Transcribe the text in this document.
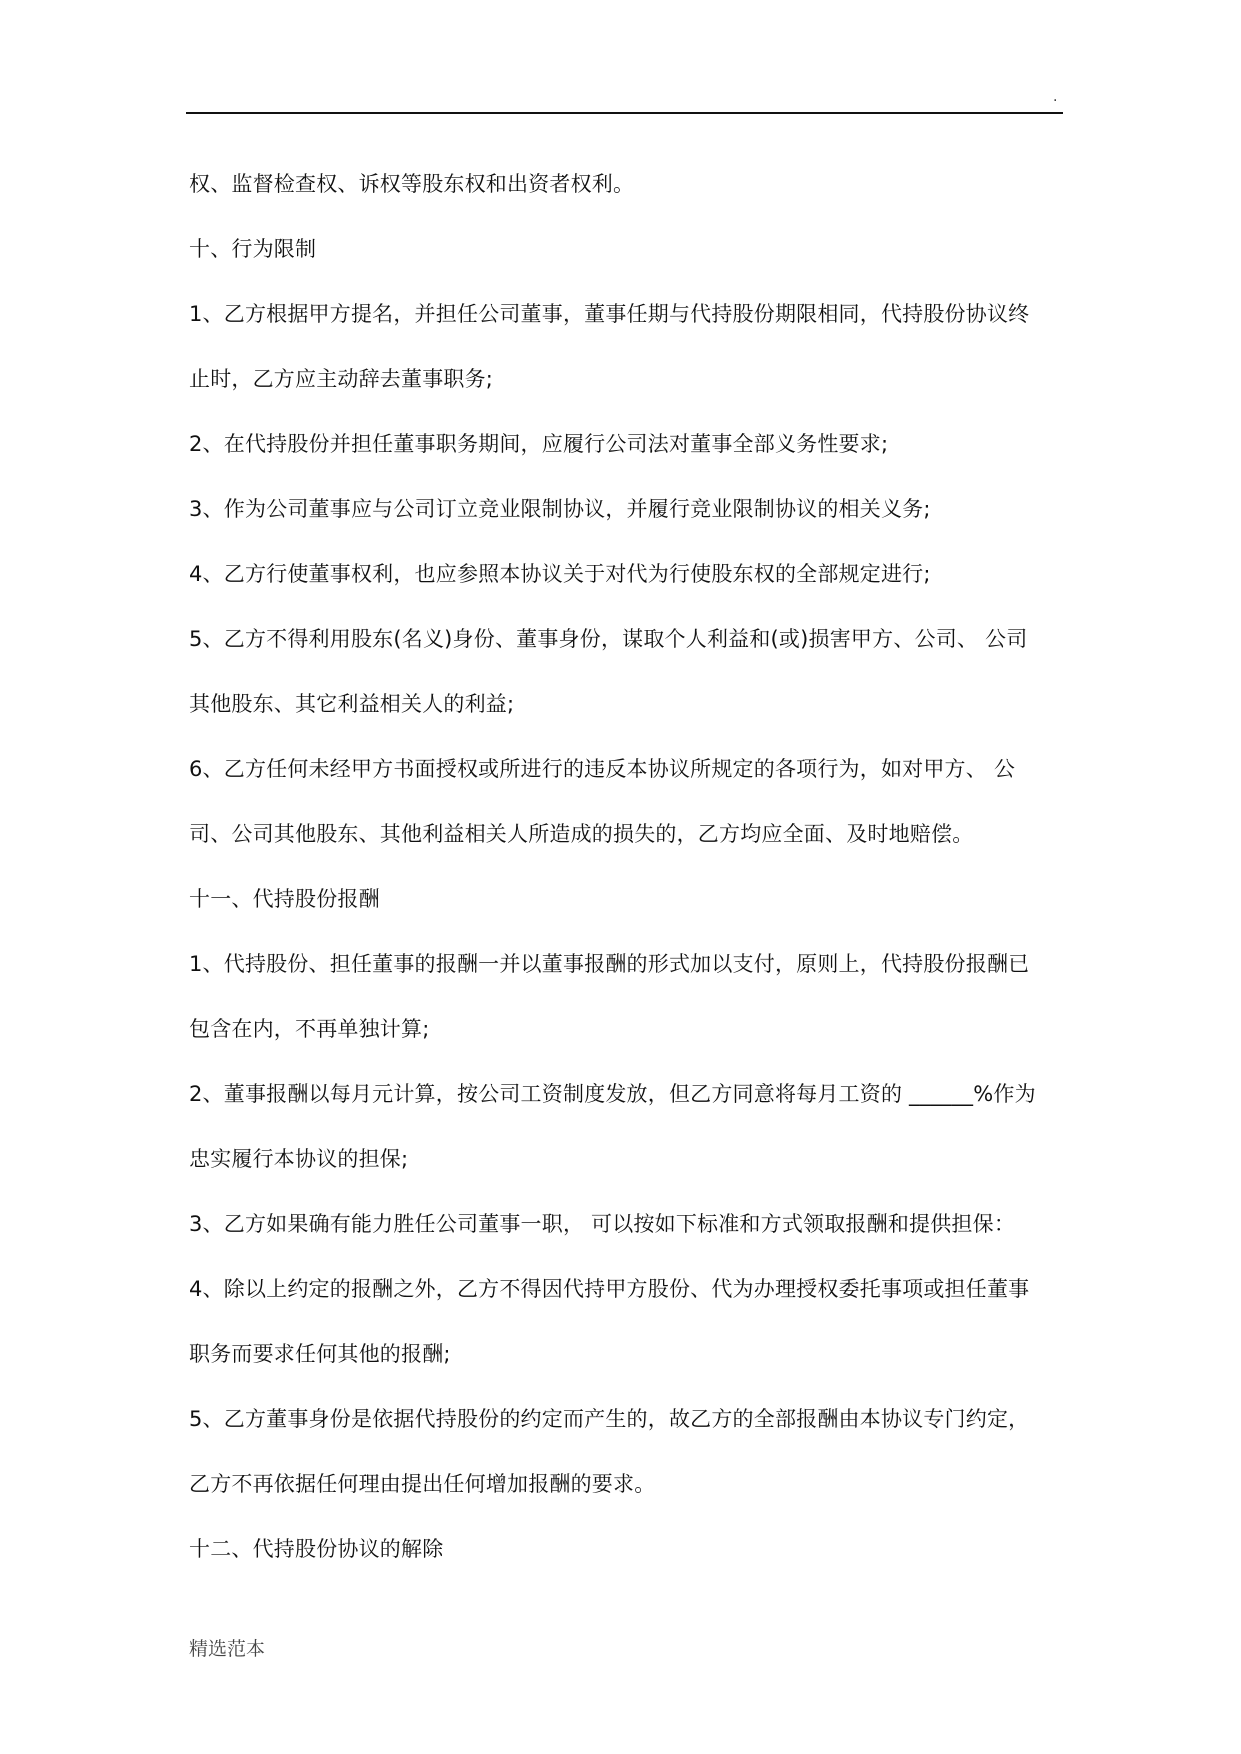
.
权、监督检查权、诉权等股东权和出资者权利。
十、行为限制
1、乙方根据甲方提名，并担任公司董事，董事任期与代持股份期限相同，代持股份协议终
止时，乙方应主动辞去董事职务;
2、在代持股份并担任董事职务期间，应履行公司法对董事全部义务性要求;
3、作为公司董事应与公司订立竞业限制协议，并履行竞业限制协议的相关义务;
4、乙方行使董事权利，也应参照本协议关于对代为行使股东权的全部规定进行;
5、乙方不得利用股东(名义)身份、董事身份，谋取个人利益和(或)损害甲方、公司、 公司
其他股东、其它利益相关人的利益;
6、乙方任何未经甲方书面授权或所进行的违反本协议所规定的各项行为，如对甲方、 公
司、公司其他股东、其他利益相关人所造成的损失的，乙方均应全面、及时地赔偿。
十一、代持股份报酬
1、代持股份、担任董事的报酬一并以董事报酬的形式加以支付，原则上，代持股份报酬已
包含在内，不再单独计算;
2、董事报酬以每月元计算，按公司工资制度发放，但乙方同意将每月工资的 ______%作为
忠实履行本协议的担保;
3、乙方如果确有能力胜任公司董事一职， 可以按如下标准和方式领取报酬和提供担保：
4、除以上约定的报酬之外，乙方不得因代持甲方股份、代为办理授权委托事项或担任董事
职务而要求任何其他的报酬;
5、乙方董事身份是依据代持股份的约定而产生的，故乙方的全部报酬由本协议专门约定，
乙方不再依据任何理由提出任何增加报酬的要求。
十二、代持股份协议的解除
精选范本
